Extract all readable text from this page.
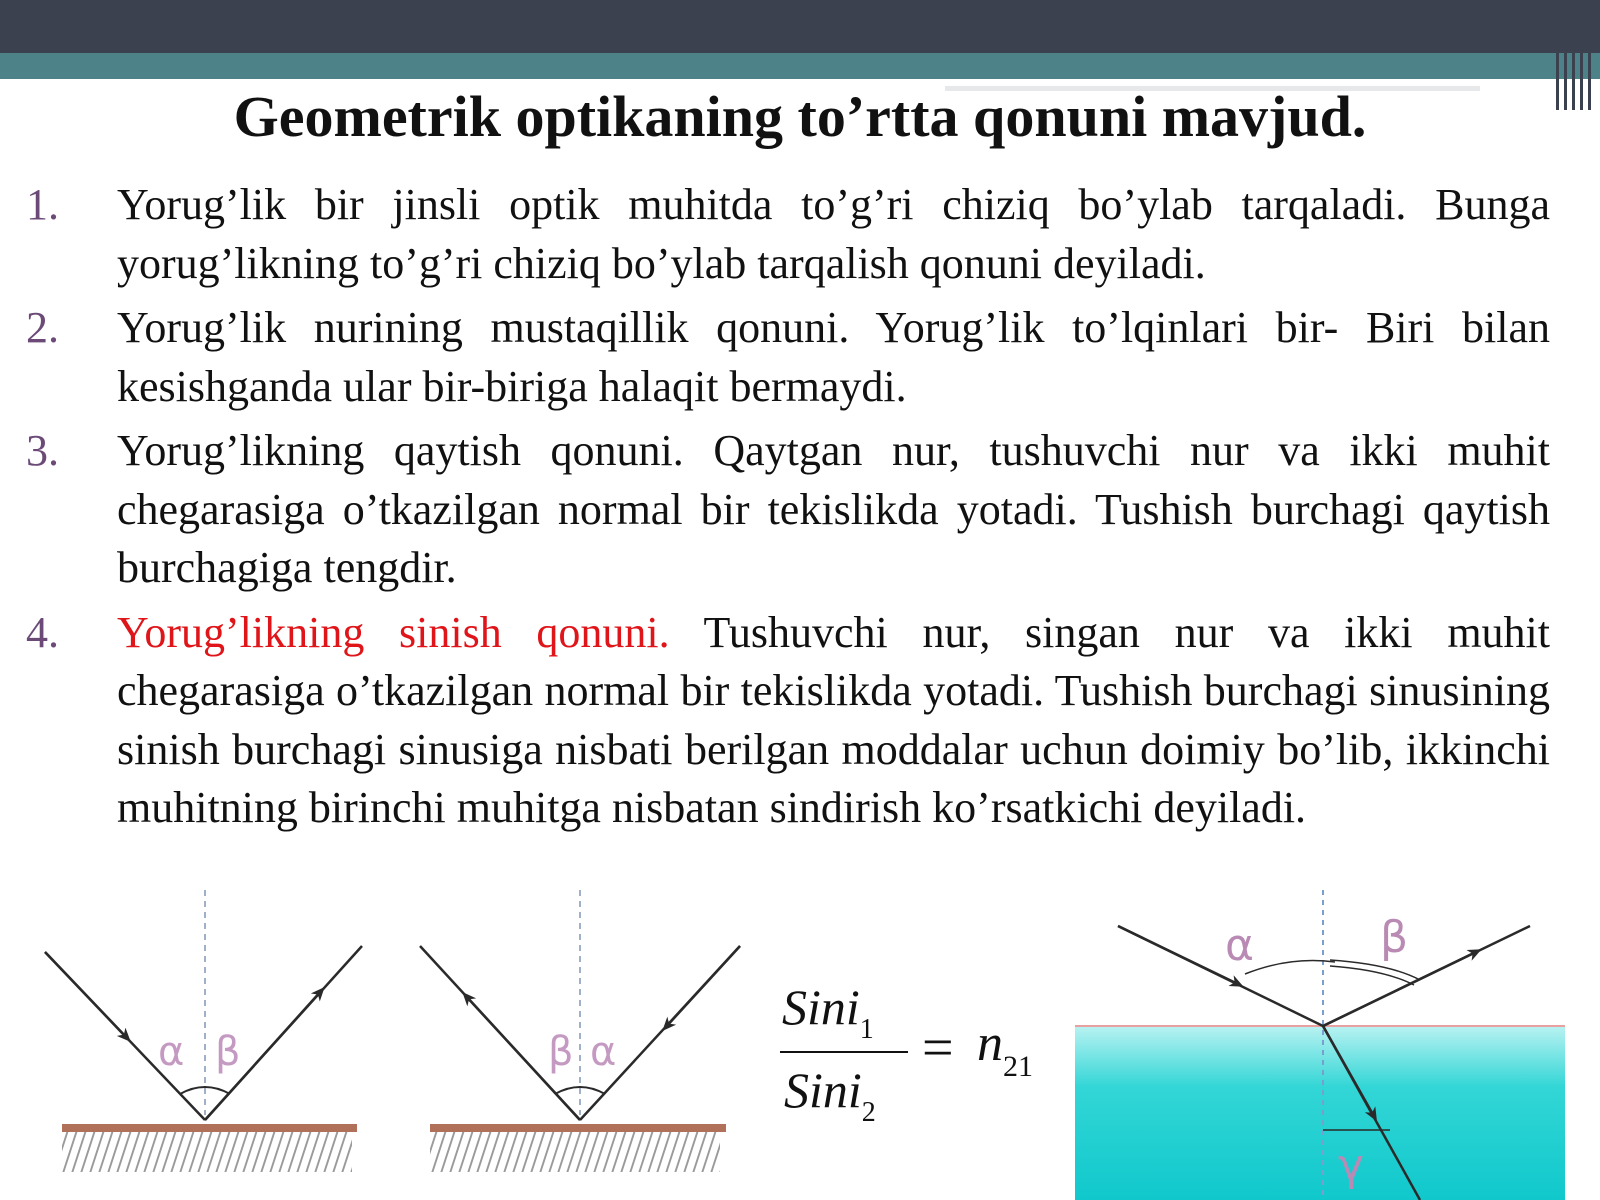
Geometrik optikaning to’rtta qonuni mavjud.
1. Yorug’lik bir jinsli optik muhitda to’g’ri chiziq bo’ylab tarqaladi. Bunga yorug’likning to’g’ri chiziq bo’ylab tarqalish qonuni deyiladi.
2. Yorug’lik nurining mustaqillik qonuni. Yorug’lik to’lqinlari bir- Biri bilan kesishganda ular bir-biriga halaqit bermaydi.
3. Yorug’likning qaytish qonuni. Qaytgan nur, tushuvchi nur va ikki muhit chegarasiga o’tkazilgan normal bir tekislikda yotadi. Tushish burchagi qaytish burchagiga tengdir.
4. Yorug’likning sinish qonuni. Tushuvchi nur, singan nur va ikki muhit chegarasiga o’tkazilgan normal bir tekislikda yotadi. Tushish burchagi sinusining sinish burchagi sinusiga nisbati berilgan moddalar uchun doimiy bo’lib, ikkinchi muhitning birinchi muhitga nisbatan sindirish ko’rsatkichi deyiladi.
α β	β α
α	β
γ
Sini$_1$
Sini$_2$
= $n_{21}$
